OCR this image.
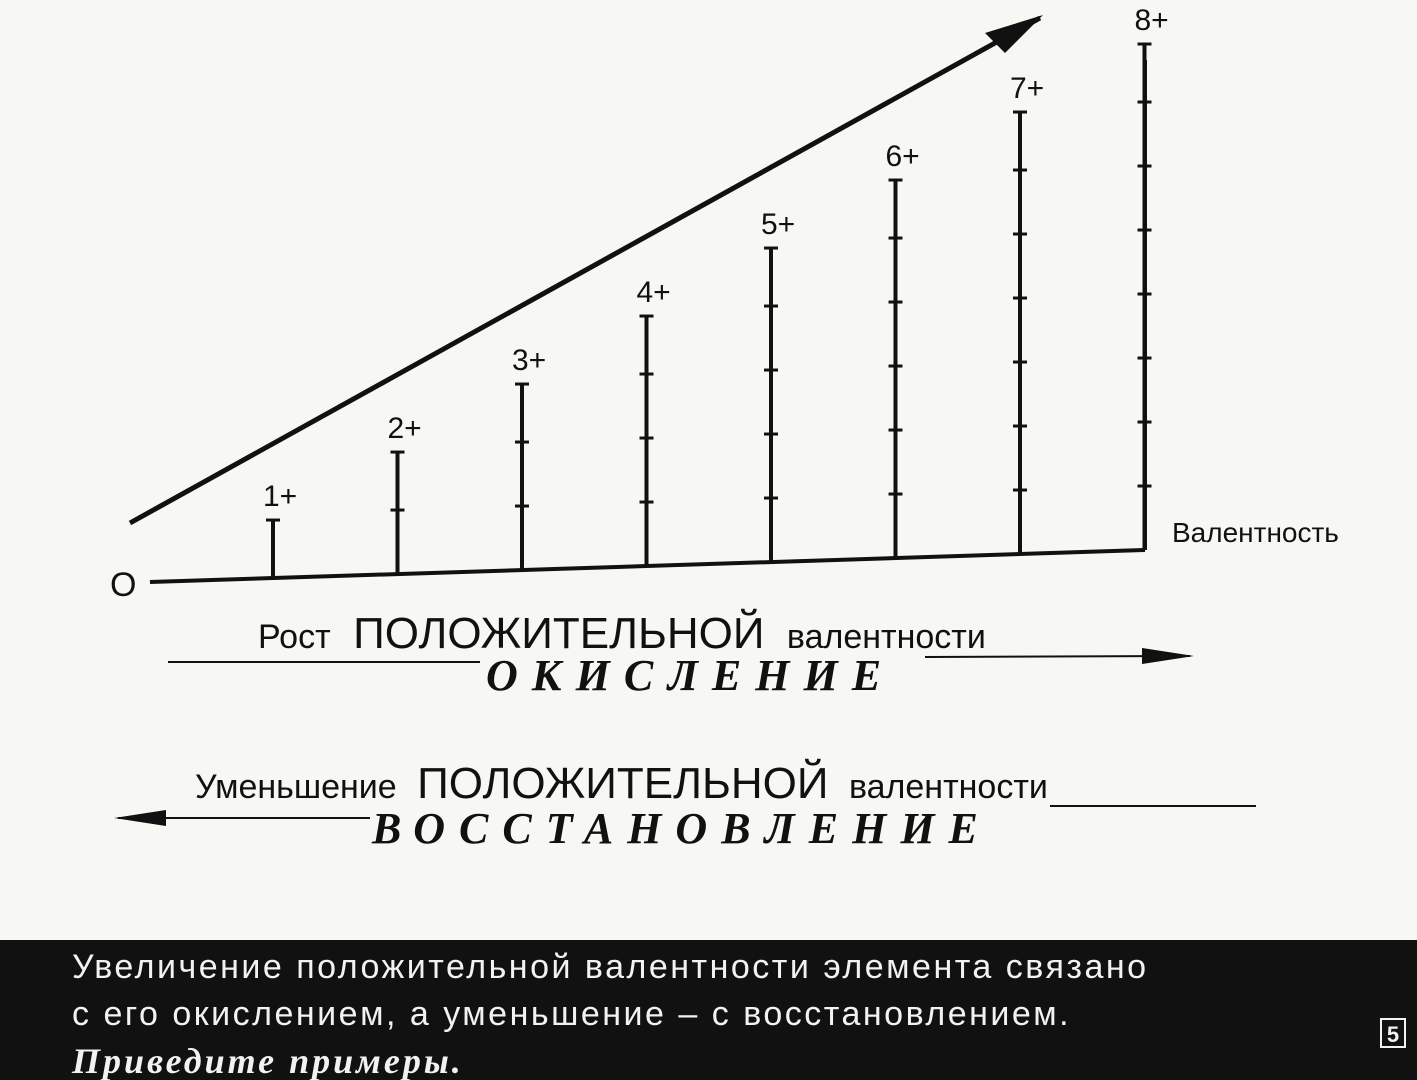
O
Валентность
1+
2+
3+
4+
5+
6+
7+
8+
Рост ПОЛОЖИТЕЛЬНОЙ валентности
ОКИСЛЕНИЕ
Уменьшение ПОЛОЖИТЕЛЬНОЙ валентности
ВОССТАНОВЛЕНИЕ
Увеличение положительной валентности элемента связано
с его окислением, а уменьшение – с восстановлением.
Приведите примеры.
5
